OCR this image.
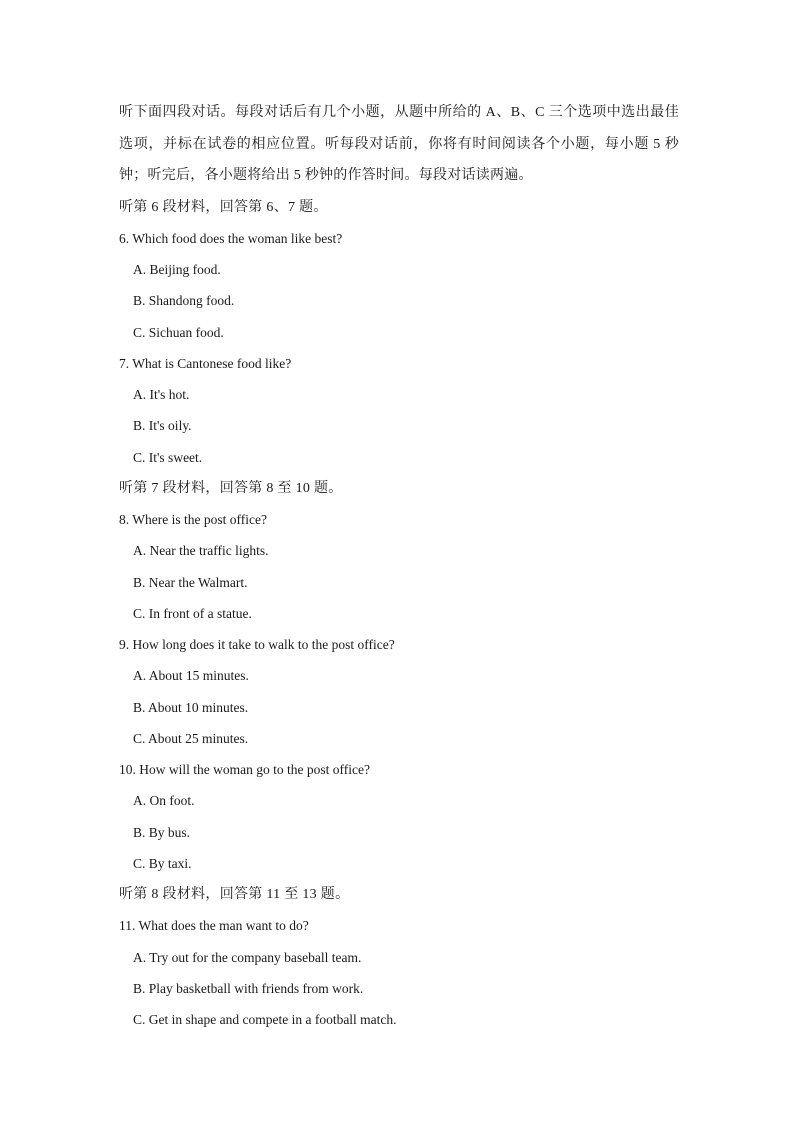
听下面四段对话。每段对话后有几个小题，从题中所给的 A、B、C 三个选项中选出最佳选项，并标在试卷的相应位置。听每段对话前，你将有时间阅读各个小题，每小题 5 秒钟；听完后，各小题将给出 5 秒钟的作答时间。每段对话读两遍。

听第 6 段材料，回答第 6、7 题。
6. Which food does the woman like best?
A. Beijing food.
B. Shandong food.
C. Sichuan food.
7. What is Cantonese food like?
A. It's hot.
B. It's oily.
C. It's sweet.
听第 7 段材料，回答第 8 至 10 题。
8. Where is the post office?
A. Near the traffic lights.
B. Near the Walmart.
C. In front of a statue.
9. How long does it take to walk to the post office?
A. About 15 minutes.
B. About 10 minutes.
C. About 25 minutes.
10. How will the woman go to the post office?
A. On foot.
B. By bus.
C. By taxi.
听第 8 段材料，回答第 11 至 13 题。
11. What does the man want to do?
A. Try out for the company baseball team.
B. Play basketball with friends from work.
C. Get in shape and compete in a football match.
